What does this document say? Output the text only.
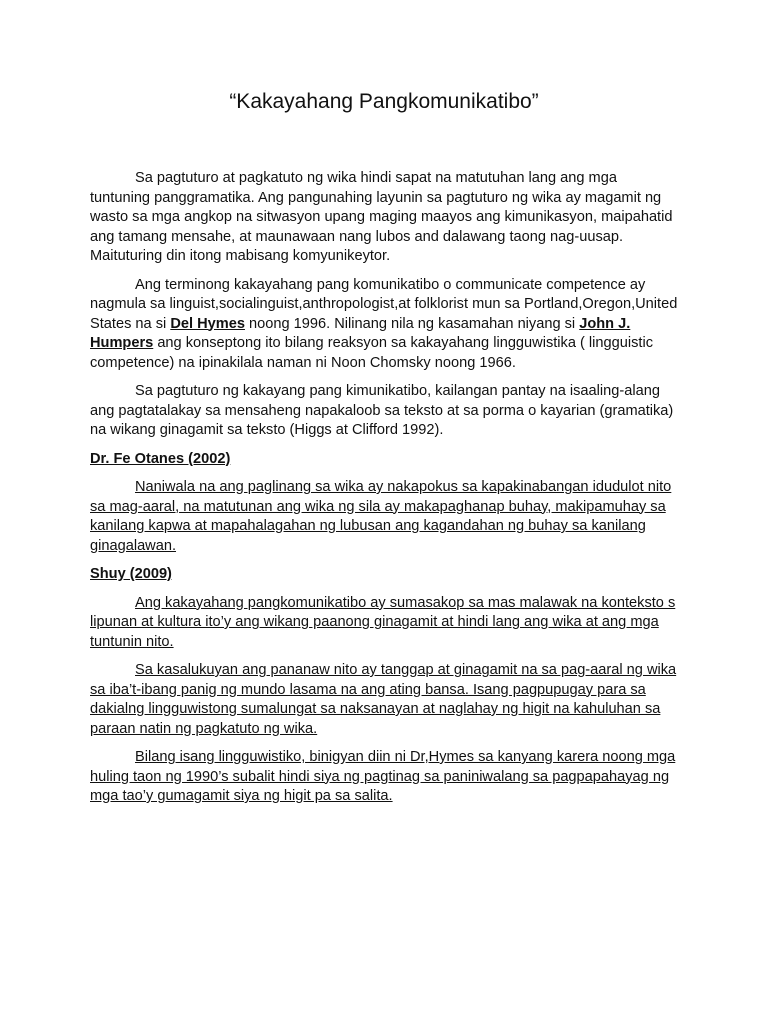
“Kakayahang Pangkomunikatibo”

Sa pagtuturo at pagkatuto ng wika hindi sapat na matutuhan lang ang mga tuntuning panggramatika. Ang pangunahing layunin sa pagtuturo ng wika ay magamit ng wasto sa mga angkop na sitwasyon upang maging maayos ang kimunikasyon, maipahatid ang tamang mensahe, at maunawaan nang lubos and dalawang taong nag-uusap. Maituturing din itong mabisang komyunikeytor.

Ang terminong kakayahang pang komunikatibo o communicate competence ay nagmula sa linguist,socialinguist,anthropologist,at folklorist mun sa Portland,Oregon,United States na si Del Hymes noong 1996. Nilinang nila ng kasamahan niyang si John J. Humpers ang konseptong ito bilang reaksyon sa kakayahang lingguwistika ( lingguistic competence) na ipinakilala naman ni Noon Chomsky noong 1966.

Sa pagtuturo ng kakayang pang kimunikatibo, kailangan pantay na isaaling-alang ang pagtatalakay sa mensaheng napakaloob sa teksto at sa porma o kayarian (gramatika) na wikang ginagamit sa teksto (Higgs at Clifford 1992).

Dr. Fe Otanes (2002)

Naniwala na ang paglinang sa wika ay nakapokus sa kapakinabangan idudulot nito sa mag-aaral, na matutunan ang wika ng sila ay makapaghanap buhay, makipamuhay sa kanilang kapwa at mapahalagahan ng lubusan ang kagandahan ng buhay sa kanilang ginagalawan.

Shuy (2009)

Ang kakayahang pangkomunikatibo ay sumasakop sa mas malawak na konteksto s lipunan at kultura ito’y ang wikang paanong ginagamit at hindi lang ang wika at ang mga tuntunin nito.

Sa kasalukuyan ang pananaw nito ay tanggap at ginagamit na sa pag-aaral ng wika sa iba’t-ibang panig ng mundo lasama na ang ating bansa. Isang pagpupugay para sa dakialng lingguwistong sumalungat sa naksanayan at naglahay ng higit na kahuluhan sa paraan natin ng pagkatuto ng wika.

Bilang isang lingguwistiko, binigyan diin ni Dr,Hymes sa kanyang karera noong mga huling taon ng 1990’s subalit hindi siya ng pagtinag sa paniniwalang sa pagpapahayag ng mga tao’y gumagamit siya ng higit pa sa salita.
